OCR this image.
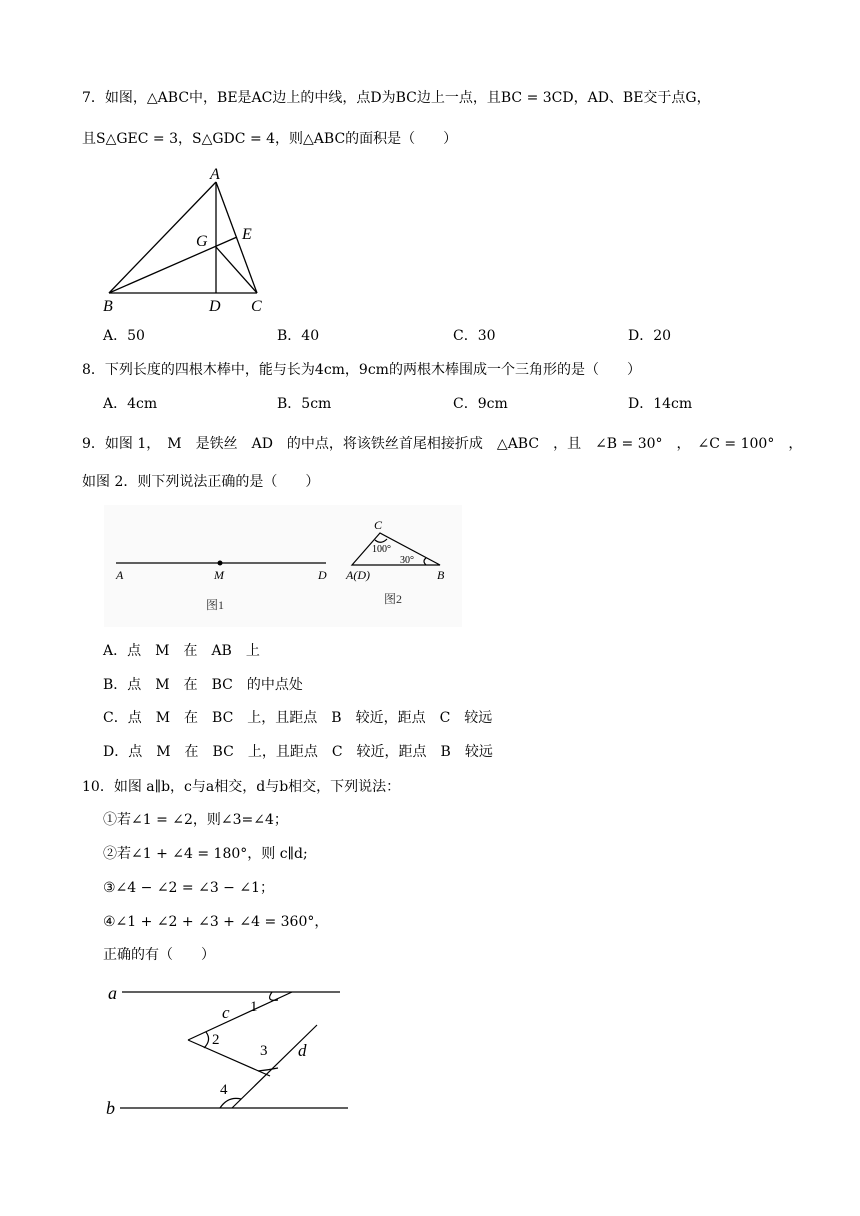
7．如图，△ABC中，BE是AC边上的中线，点D为BC边上一点，且BC = 3CD，AD、BE交于点G，
且S△GEC = 3，S△GDC = 4，则△ABC的面积是（　　）
A
G E
B	D C
A．50	B．40	C．30	D．20
8．下列长度的四根木棒中，能与长为4cm，9cm的两根木棒围成一个三角形的是（　　）
A．4cm	B．5cm	C．9cm	D．14cm
9．如图 1，　M　是铁丝　AD　的中点，将该铁丝首尾相接折成　△ABC　，且　∠B = 30°　，　∠C = 100°　，
如图 2．则下列说法正确的是（　　）
A	M	D
图1
C
100°
30°
A(D)	B
图2
A．点　M　在　AB　上
B．点　M　在　BC　的中点处
C．点　M　在　BC　上，且距点　B　较近，距点　C　较远
D．点　M　在　BC　上，且距点　C　较近，距点　B　较远
10．如图 a∥b，c与a相交，d与b相交，下列说法：
①若∠1 = ∠2，则∠3=∠4；
②若∠1 + ∠4 = 180°，则 c∥d;
③∠4 − ∠2 = ∠3 − ∠1；
④∠1 + ∠2 + ∠3 + ∠4 = 360°，
正确的有（　　）
a
b
c
d
1
2
3
4
